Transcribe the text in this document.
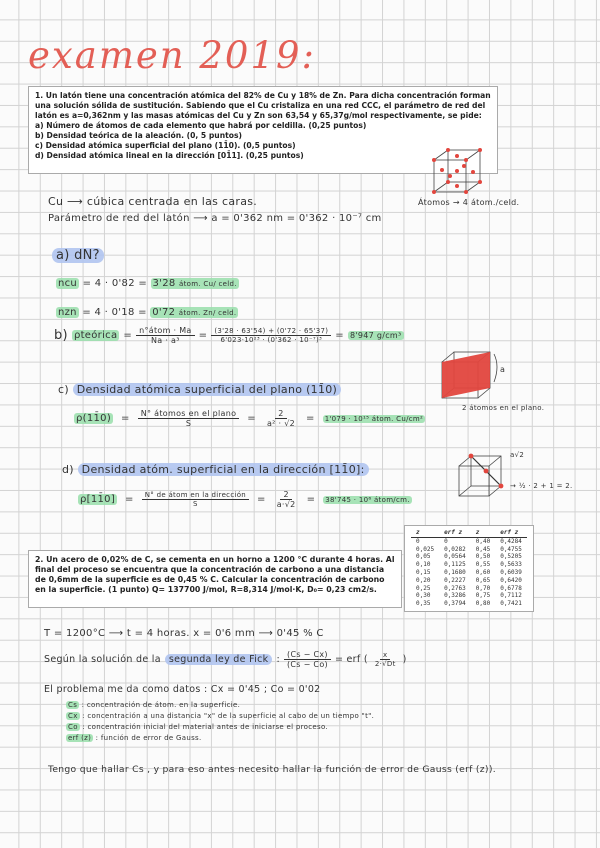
examen 2019:
1. Un latón tiene una concentración atómica del 82% de Cu y 18% de Zn. Para dicha concentración forman una solución sólida de sustitución. Sabiendo que el Cu cristaliza en una red CCC, el parámetro de red del latón es a=0,362nm y las masas atómicas del Cu y Zn son 63,54 y 65,37g/mol respectivamente, se pide:
a) Número de átomos de cada elemento que habrá por celdilla. (0,25 puntos)
b) Densidad teórica de la aleación. (0, 5 puntos)
c) Densidad atómica superficial del plano (11̄0). (0,5 puntos)
d) Densidad atómica lineal en la dirección [01̄1]. (0,25 puntos)
Átomos → 4 átom./celd.
Cu ⟶ cúbica centrada en las caras.
Parámetro de red del latón ⟶ a = 0'362 nm = 0'362 · 10⁻⁷ cm
a) dN?
ncu = 4 · 0'82 = 3'28 átom. Cu/ celd.
nzn = 4 · 0'18 = 0'72 átom. Zn/ celd.
b) ρteórica = $\frac{\text{n°átom · Ma}}{\text{Na · a³}} = \frac{(3'28 \cdot 63'54) + (0'72 \cdot 65'37)}{\text{6'023·10²³ · (0'362 · 10⁻⁷)³}} = 8'947$ g/cm³
a
c) Densidad atómica superficial del plano (11̄0)
ρ(11̄0) = $\frac{\text{N° átomos en el plano}}{S} = \frac{2}{\text{a² · √2}} = 1'079 \cdot 10^{15}$ átom. Cu/cm²
2 átomos en el plano.
a√2
→ ½ · 2 + 1 = 2.
d) Densidad atóm. superficial en la dirección [11̄0]:
ρ[11̄0] = $\frac{\text{N° de átom en la dirección}}{S} = \frac{2}{a\cdot√2} = 38'745 \cdot 10^6$ átom/cm.
2. Un acero de 0,02% de C, se cementa en un horno a 1200 °C durante 4 horas. Al final del proceso se encuentra que la concentración de carbono a una distancia de 0,6mm de la superficie es de 0,45 % C. Calcular la concentración de carbono en la superficie. (1 punto) Q= 137700 J/mol, R=8,314 J/mol·K, D₀= 0,23 cm2/s.
z	erf z	z	erf z
0	0	0,40	0,4284
0,025	0,0282	0,45	0,4755
0,05	0,0564	0,50	0,5205
0,10	0,1125	0,55	0,5633
0,15	0,1680	0,60	0,6039
0,20	0,2227	0,65	0,6420
0,25	0,2763	0,70	0,6778
0,30	0,3286	0,75	0,7112
0,35	0,3794	0,80	0,7421
T = 1200°C ⟶ t = 4 horas. x = 0'6 mm ⟶ 0'45 % C
Según la solución de la segunda ley de Fick : $\frac{(Cs - Cx)}{(Cs - Co)}$ = erf ( $\frac{x}{2\cdot√Dt}$ )
El problema me da como datos : Cx = 0'45 ; Co = 0'02
Cs : concentración de átom. en la superficie.
Cx : concentración a una distancia "x" de la superficie al cabo de un tiempo "t".
Co : concentración inicial del material antes de iniciarse el proceso.
erf (z) : función de error de Gauss.
Tengo que hallar Cs , y para eso antes necesito hallar la función de error de Gauss (erf (z)).
